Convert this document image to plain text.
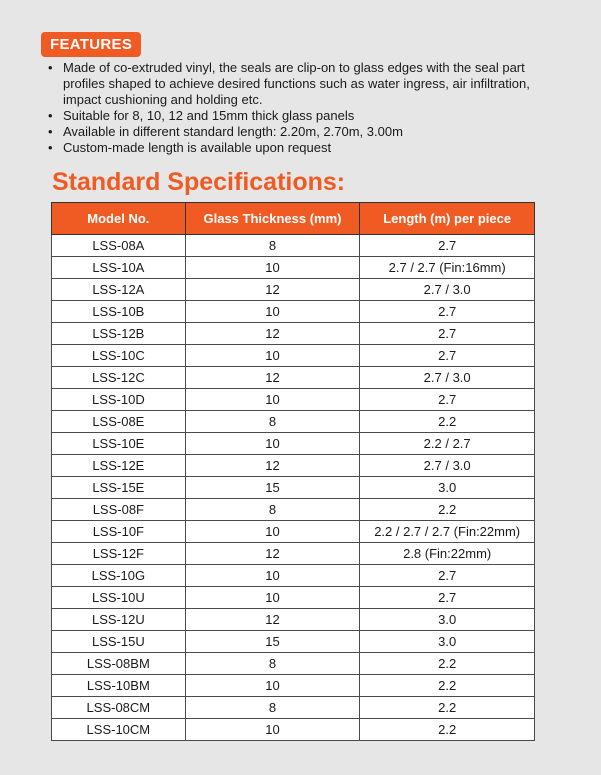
FEATURES
• Made of co-extruded vinyl, the seals are clip-on to glass edges with the seal part profiles shaped to achieve desired functions such as water ingress, air infiltration, impact cushioning and holding etc.
• Suitable for 8, 10, 12 and 15mm thick glass panels
• Available in different standard length: 2.20m, 2.70m, 3.00m
• Custom-made length is available upon request
Standard Specifications:
Model No.	Glass Thickness (mm)	Length (m) per piece
LSS-08A	8	2.7
LSS-10A	10	2.7 / 2.7 (Fin:16mm)
LSS-12A	12	2.7 / 3.0
LSS-10B	10	2.7
LSS-12B	12	2.7
LSS-10C	10	2.7
LSS-12C	12	2.7 / 3.0
LSS-10D	10	2.7
LSS-08E	8	2.2
LSS-10E	10	2.2 / 2.7
LSS-12E	12	2.7 / 3.0
LSS-15E	15	3.0
LSS-08F	8	2.2
LSS-10F	10	2.2 / 2.7 / 2.7 (Fin:22mm)
LSS-12F	12	2.8 (Fin:22mm)
LSS-10G	10	2.7
LSS-10U	10	2.7
LSS-12U	12	3.0
LSS-15U	15	3.0
LSS-08BM	8	2.2
LSS-10BM	10	2.2
LSS-08CM	8	2.2
LSS-10CM	10	2.2
